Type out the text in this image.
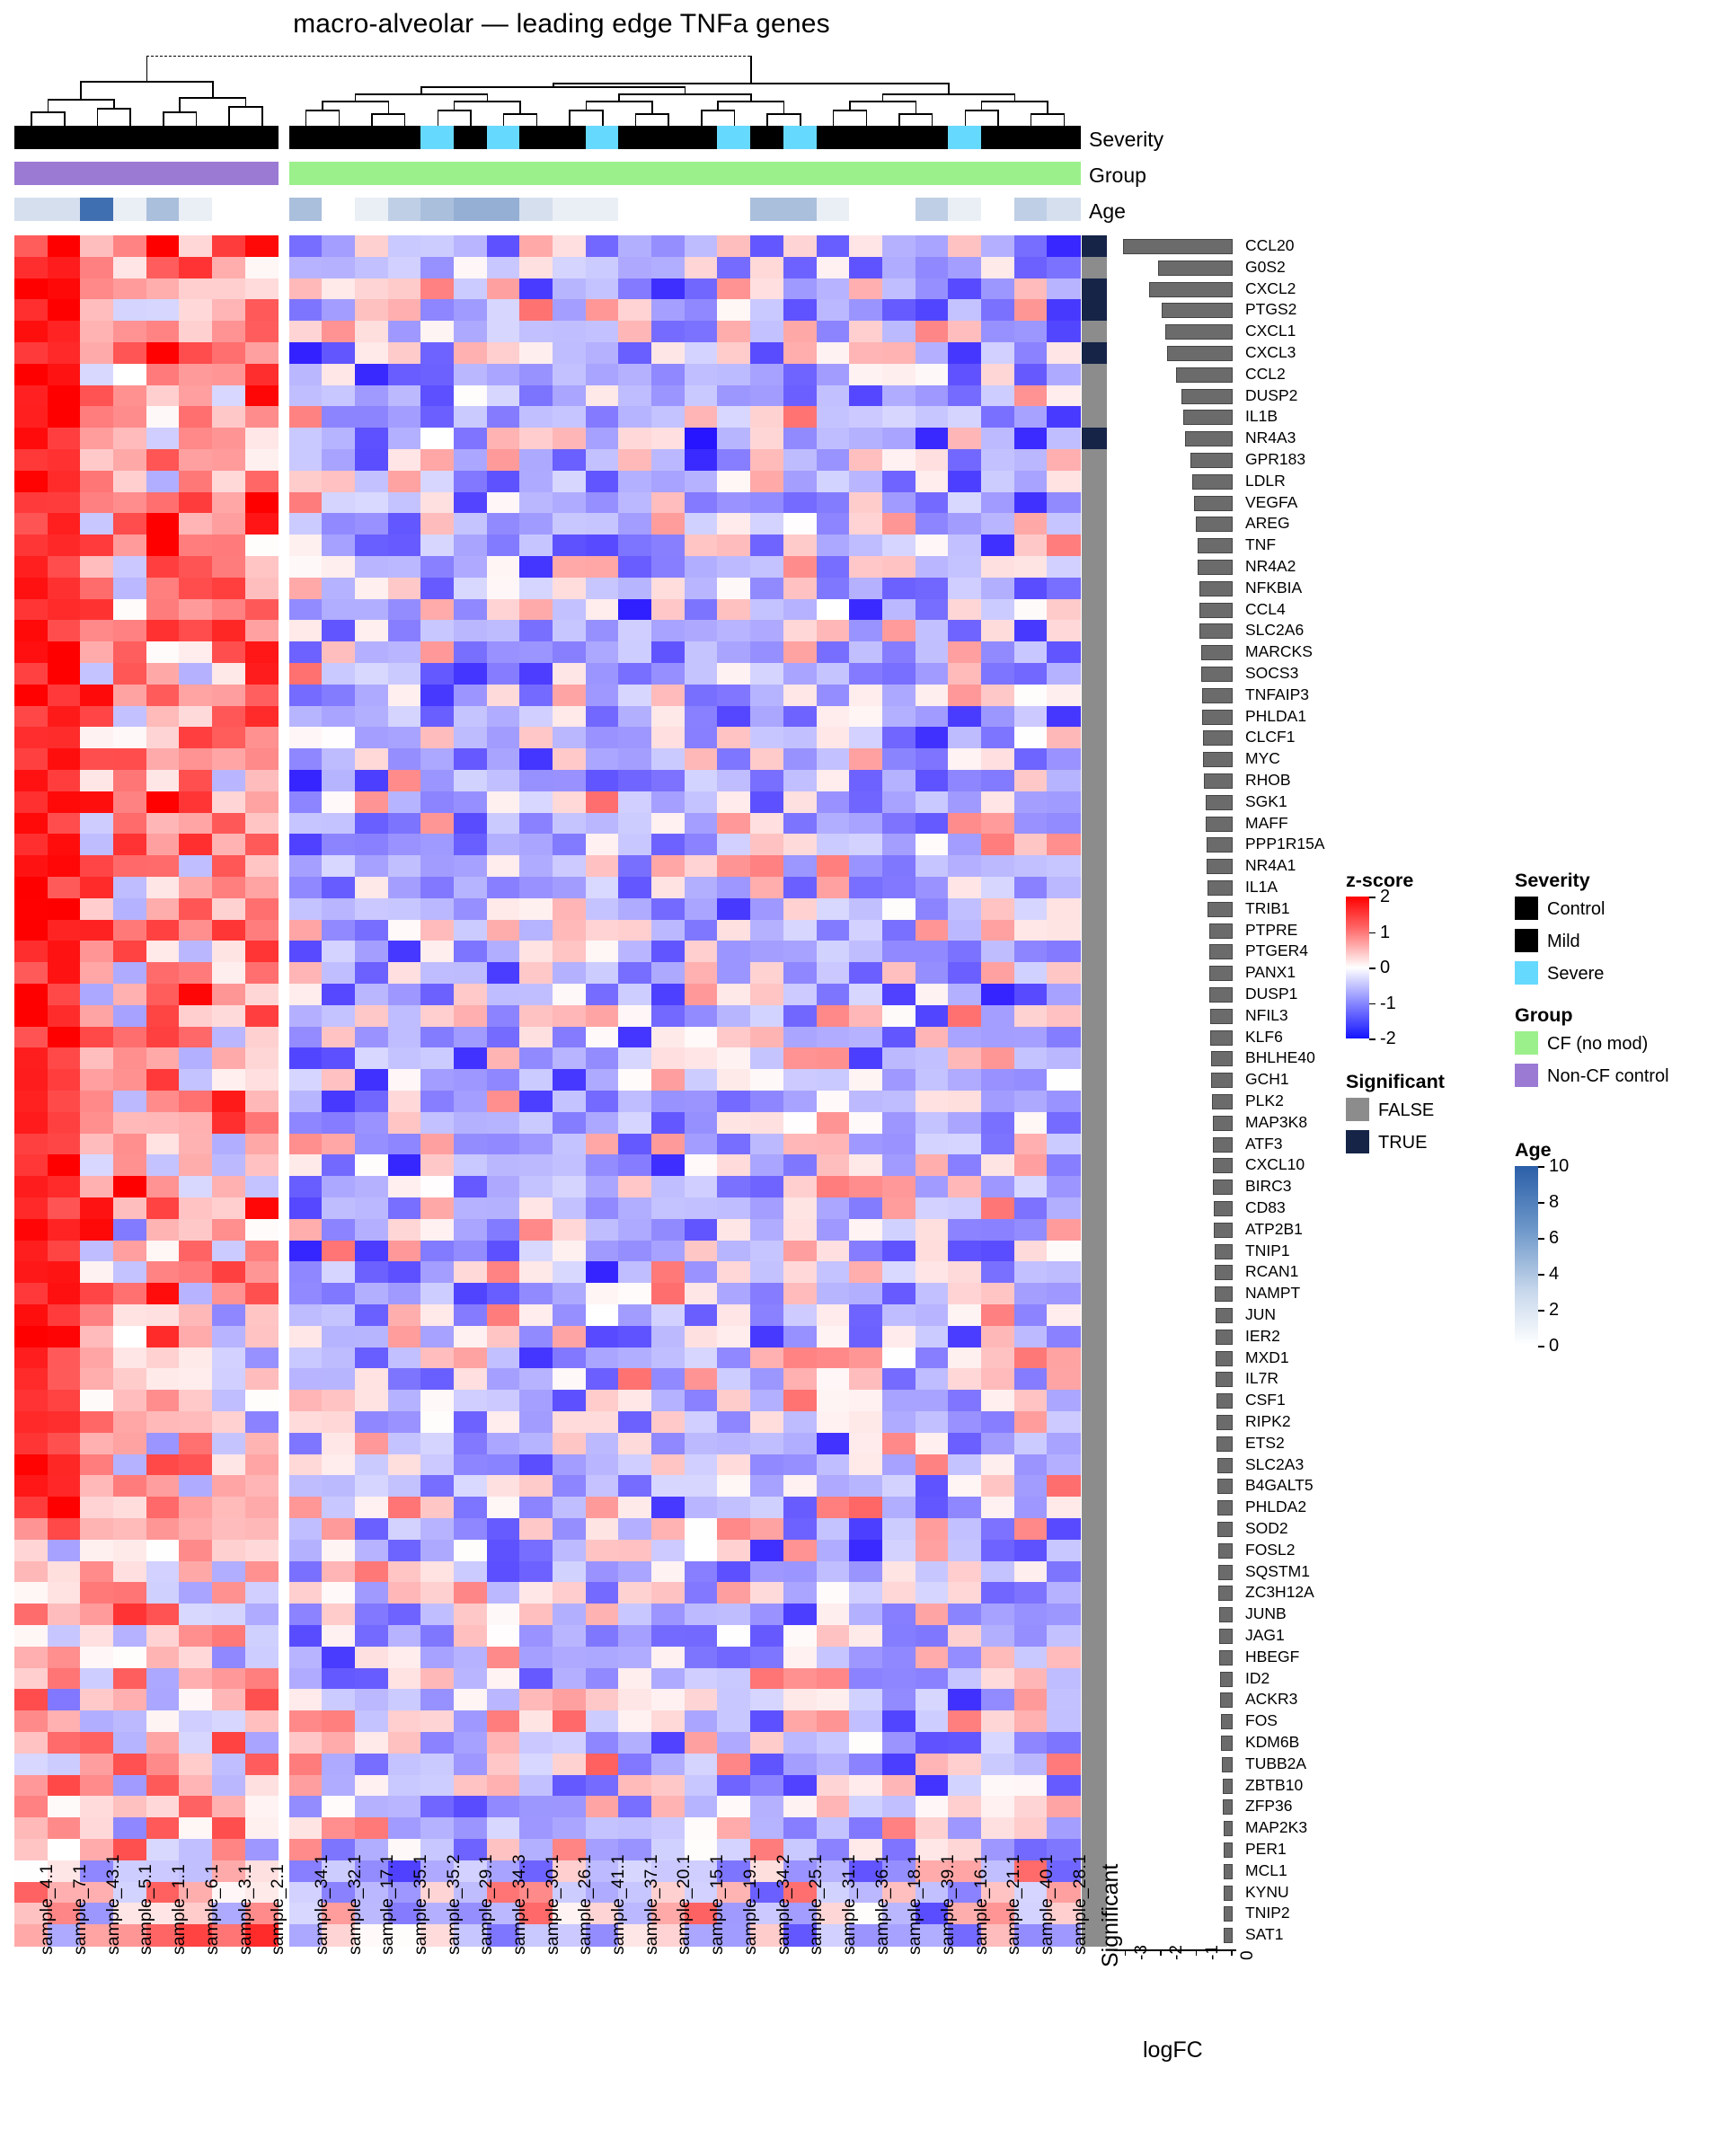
macro-alveolar — leading edge TNFa genes
Severity
Group
Age
CCL20
G0S2
CXCL2
PTGS2
CXCL1
CXCL3
CCL2
DUSP2
IL1B
NR4A3
GPR183
LDLR
VEGFA
AREG
TNF
NR4A2
NFKBIA
CCL4
SLC2A6
MARCKS
SOCS3
TNFAIP3
PHLDA1
CLCF1
MYC
RHOB
SGK1
MAFF
PPP1R15A
NR4A1
IL1A
TRIB1
PTPRE
PTGER4
PANX1
DUSP1
NFIL3
KLF6
BHLHE40
GCH1
PLK2
MAP3K8
ATF3
CXCL10
BIRC3
CD83
ATP2B1
TNIP1
RCAN1
NAMPT
JUN
IER2
MXD1
IL7R
CSF1
RIPK2
ETS2
SLC2A3
B4GALT5
PHLDA2
SOD2
FOSL2
SQSTM1
ZC3H12A
JUNB
JAG1
HBEGF
ID2
ACKR3
FOS
KDM6B
TUBB2A
ZBTB10
ZFP36
MAP2K3
PER1
MCL1
KYNU
TNIP2
SAT1
sample_4.1 sample_7.1 sample_43.1 sample_5.1 sample_1.1 sample_6.1 sample_3.1 sample_2.1 sample_34.1 sample_32.1 sample_17.1 sample_35.1 sample_35.2 sample_29.1 sample_34.3 sample_30.1 sample_26.1 sample_41.1 sample_37.1 sample_20.1 sample_15.1 sample_19.1 sample_34.2 sample_25.1 sample_31.1 sample_36.1 sample_18.1 sample_39.1 sample_16.1 sample_21.1 sample_40.1 sample_28.1 -3 -2 -1 0
logFC
Significant
z-score
2
1
0
-1
-2
Significant
FALSE
TRUE
Severity
Control
Mild
Severe
Group
CF (no mod)
Non-CF control
Age
10
8
6
4
2
0
